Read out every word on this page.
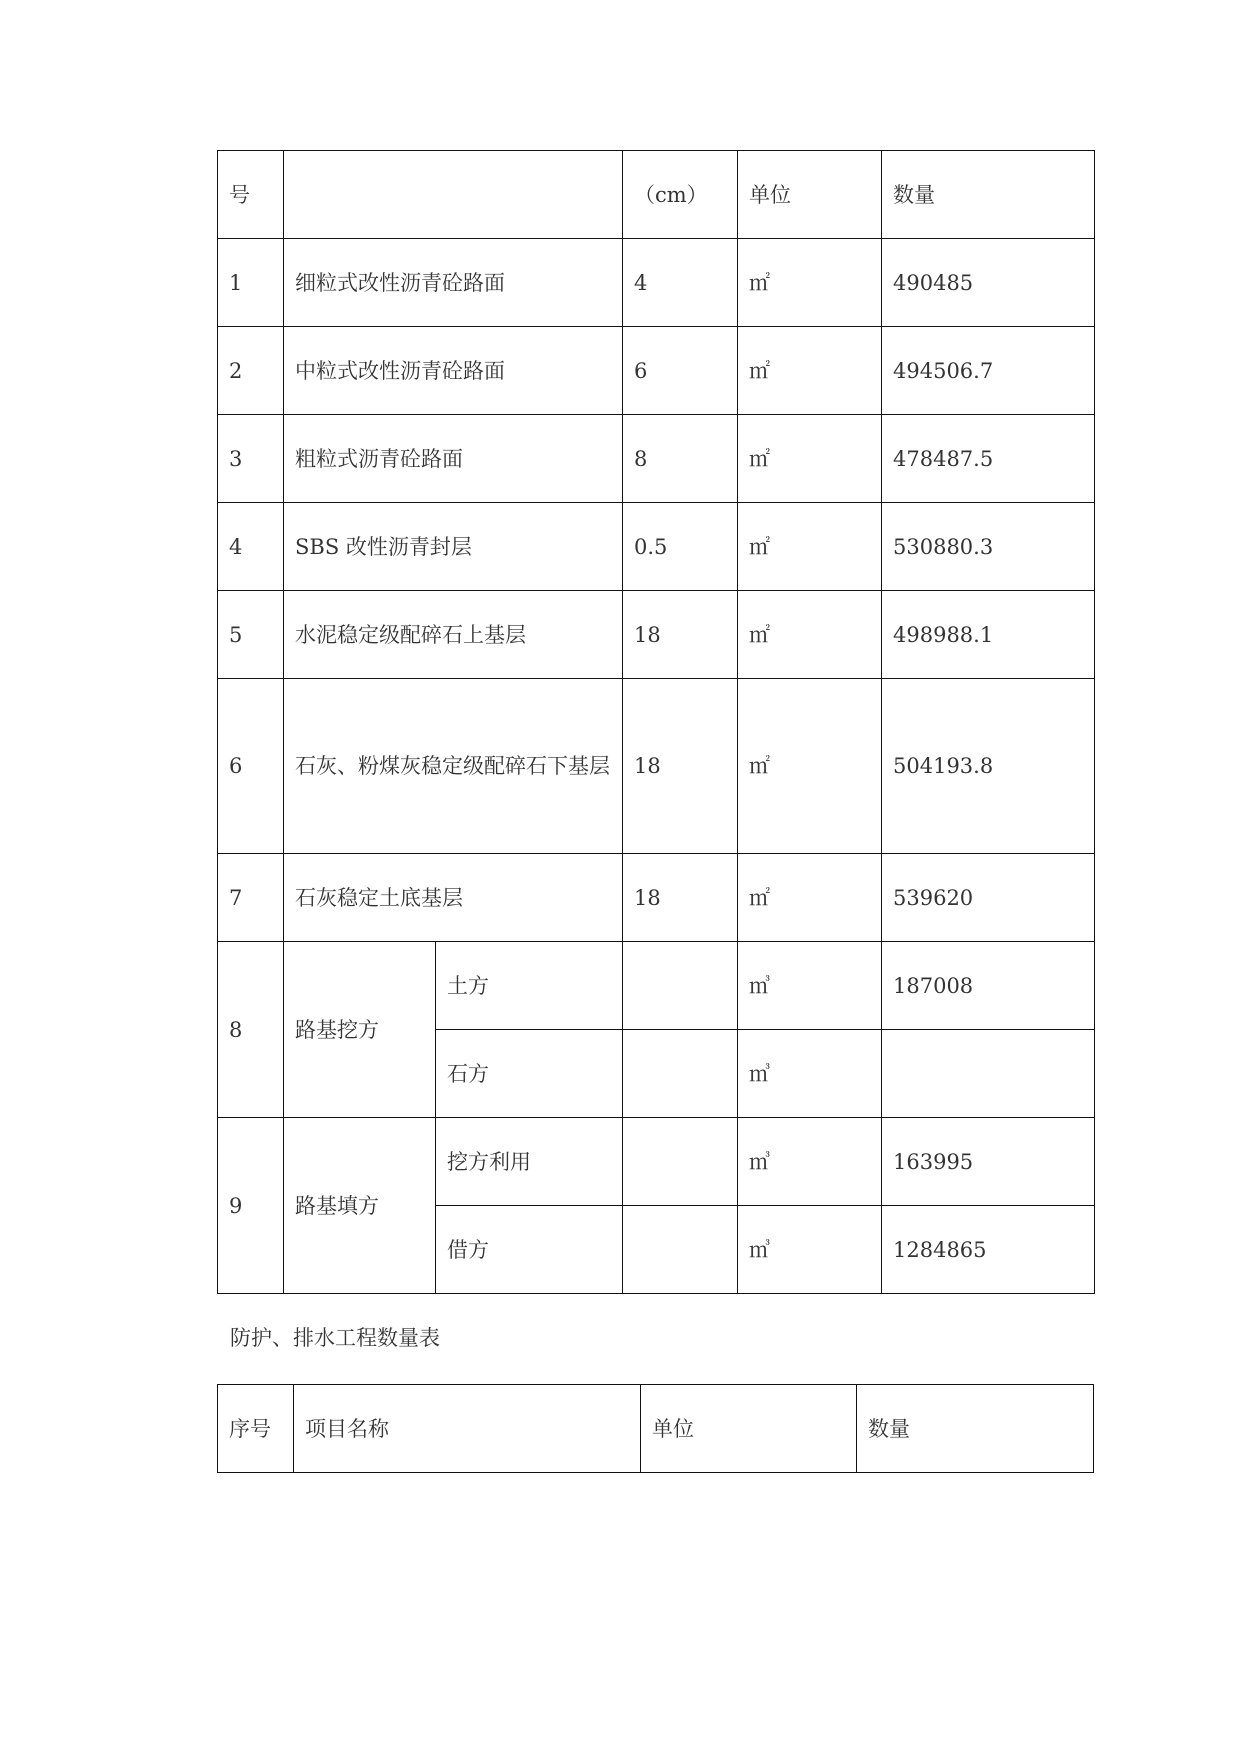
号			（cm）	单位	数量
1	细粒式改性沥青砼路面		4	㎡	490485
2	中粒式改性沥青砼路面		6	㎡	494506.7
3	粗粒式沥青砼路面		8	㎡	478487.5
4	SBS 改性沥青封层		0.5	㎡	530880.3
5	水泥稳定级配碎石上基层		18	㎡	498988.1
6	石灰、粉煤灰稳定级配碎石下基层		18	㎡	504193.8
7	石灰稳定土底基层		18	㎡	539620
8	路基挖方	土方		㎥	187008
		石方		㎥	
9	路基填方	挖方利用		㎥	163995
		借方		㎥	1284865
防护、排水工程数量表
序号	项目名称	单位	数量
